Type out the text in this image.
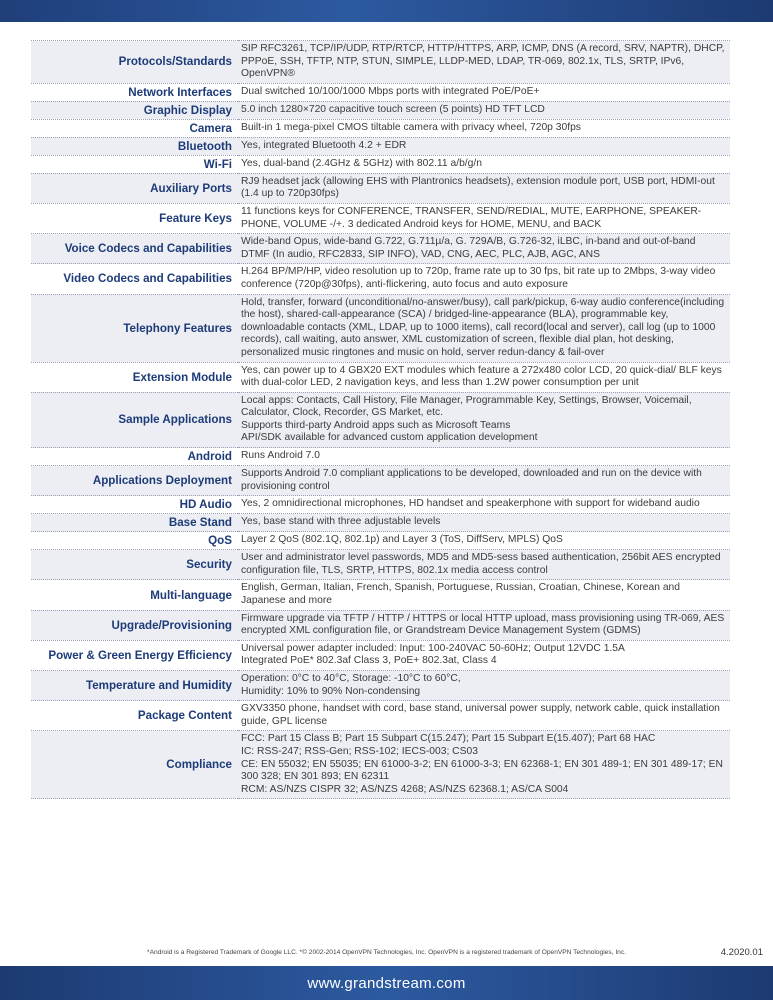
Protocols/Standards	SIP RFC3261, TCP/IP/UDP, RTP/RTCP, HTTP/HTTPS, ARP, ICMP, DNS (A record, SRV, NAPTR), DHCP, PPPoE, SSH, TFTP, NTP, STUN, SIMPLE, LLDP-MED, LDAP, TR-069, 802.1x, TLS, SRTP, IPv6, OpenVPN®
Network Interfaces	Dual switched 10/100/1000 Mbps ports with integrated PoE/PoE+
Graphic Display	5.0 inch 1280×720 capacitive touch screen (5 points) HD TFT LCD
Camera	Built-in 1 mega-pixel CMOS tiltable camera with privacy wheel, 720p 30fps
Bluetooth	Yes, integrated Bluetooth 4.2 + EDR
Wi-Fi	Yes, dual-band (2.4GHz & 5GHz) with 802.11 a/b/g/n
Auxiliary Ports	RJ9 headset jack (allowing EHS with Plantronics headsets), extension module port, USB port, HDMI-out (1.4 up to 720p30fps)
Feature Keys	11 functions keys for CONFERENCE, TRANSFER, SEND/REDIAL, MUTE, EARPHONE, SPEAKER-PHONE, VOLUME -/+. 3 dedicated Android keys for HOME, MENU, and BACK
Voice Codecs and Capabilities	Wide-band Opus, wide-band G.722, G.711µ/a, G. 729A/B, G.726-32, iLBC, in-band and out-of-band DTMF (In audio, RFC2833, SIP INFO), VAD, CNG, AEC, PLC, AJB, AGC, ANS
Video Codecs and Capabilities	H.264 BP/MP/HP, video resolution up to 720p, frame rate up to 30 fps, bit rate up to 2Mbps, 3-way video conference (720p@30fps), anti-flickering, auto focus and auto exposure
Telephony Features	Hold, transfer, forward (unconditional/no-answer/busy), call park/pickup, 6-way audio conference(including the host), shared-call-appearance (SCA) / bridged-line-appearance (BLA), programmable key, downloadable contacts (XML, LDAP, up to 1000 items), call record(local and server), call log (up to 1000 records), call waiting, auto answer, XML customization of screen, flexible dial plan, hot desking, personalized music ringtones and music on hold, server redun-dancy & fail-over
Extension Module	Yes, can power up to 4 GBX20 EXT modules which feature a 272x480 color LCD, 20 quick-dial/ BLF keys with dual-color LED, 2 navigation keys, and less than 1.2W power consumption per unit
Sample Applications	Local apps: Contacts, Call History, File Manager, Programmable Key, Settings, Browser, Voicemail, Calculator, Clock, Recorder, GS Market, etc.
Supports third-party Android apps such as Microsoft Teams
API/SDK available for advanced custom application development
Android	Runs Android 7.0
Applications Deployment	Supports Android 7.0 compliant applications to be developed, downloaded and run on the device with provisioning control
HD Audio	Yes, 2 omnidirectional microphones, HD handset and speakerphone with support for wideband audio
Base Stand	Yes, base stand with three adjustable levels
QoS	Layer 2 QoS (802.1Q, 802.1p) and Layer 3 (ToS, DiffServ, MPLS) QoS
Security	User and administrator level passwords, MD5 and MD5-sess based authentication, 256bit AES encrypted configuration file, TLS, SRTP, HTTPS, 802.1x media access control
Multi-language	English, German, Italian, French, Spanish, Portuguese, Russian, Croatian, Chinese, Korean and Japanese and more
Upgrade/Provisioning	Firmware upgrade via TFTP / HTTP / HTTPS or local HTTP upload, mass provisioning using TR-069, AES encrypted XML configuration file, or Grandstream Device Management System (GDMS)
Power & Green Energy Efficiency	Universal power adapter included: Input: 100-240VAC 50-60Hz; Output 12VDC 1.5A
Integrated PoE* 802.3af Class 3, PoE+ 802.3at, Class 4
Temperature and Humidity	Operation: 0°C to 40°C, Storage: -10°C to 60°C,
Humidity: 10% to 90% Non-condensing
Package Content	GXV3350 phone, handset with cord, base stand, universal power supply, network cable, quick installation guide, GPL license
Compliance	FCC: Part 15 Class B; Part 15 Subpart C(15.247); Part 15 Subpart E(15.407); Part 68 HAC
IC: RSS-247; RSS-Gen; RSS-102; IECS-003; CS03
CE: EN 55032; EN 55035; EN 61000-3-2; EN 61000-3-3; EN 62368-1; EN 301 489-1; EN 301 489-17; EN 300 328; EN 301 893; EN 62311
RCM: AS/NZS CISPR 32; AS/NZS 4268; AS/NZS 62368.1; AS/CA S004
*Android is a Registered Trademark of Google LLC. *© 2002-2014 OpenVPN Technologies, Inc. OpenVPN is a registered trademark of OpenVPN Technologies, Inc.	4.2020.01
www.grandstream.com
